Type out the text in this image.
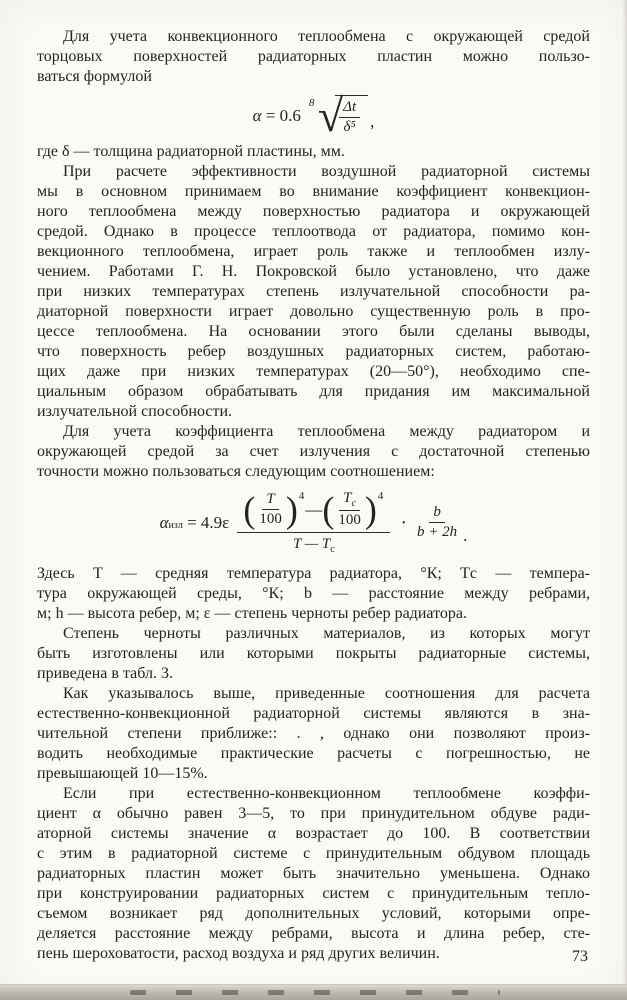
Для учета конвекционного теплообмена с окружающей средой
торцовых поверхностей радиаторных пластин можно пользо-
ваться формулой
α
= 0.6
8 √
$\frac{\Delta t}{\text{δ⁵}}$ ,
где δ — толщина радиаторной пластины, мм.
При расчете эффективности воздушной радиаторной системы
мы в основном принимаем во внимание коэффициент конвекцион-
ного теплообмена между поверхностью радиатора и окружающей
средой. Однако в процессе теплоотвода от радиатора, помимо кон-
векционного теплообмена, играет роль также и теплообмен излу-
чением. Работами Г. Н. Покровской было установлено, что даже
при низких температурах степень излучательной способности ра-
диаторной поверхности играет довольно существенную роль в про-
цессе теплообмена. На основании этого были сделаны выводы,
что поверхность ребер воздушных радиаторных систем, работаю-
щих даже при низких температурах (20—50°), необходимо спе-
циальным образом обрабатывать для придания им максимальной
излучательной способности.
Для учета коэффициента теплообмена между радиатором и
окружающей средой за счет излучения с достаточной степенью
точности можно пользоваться следующим соотношением:
$\alpha_{изл}$
= 4.9ε ( $\frac{T}{100}$ ) 4
— ( $\frac{T_c}{100}$ ) 4
T — $T_c$
· $\frac{b}{b + 2h}$ .
Здесь T — средняя температура радиатора, °К; Tс — темпера-
тура окружающей среды, °К; b — расстояние между ребрами,
м; h — высота ребер, м; ε — степень черноты ребер радиатора.
Степень черноты различных материалов, из которых могут
быть изготовлены или которыми покрыты радиаторные системы,
приведена в табл. 3.
Как указывалось выше, приведенные соотношения для расчета
естественно-конвекционной радиаторной системы являются в зна-
чительной степени приближе:: . , однако они позволяют произ-
водить необходимые практические расчеты с погрешностью, не
превышающей 10—15%.
Если при естественно-конвекционном теплообмене коэффи-
циент α обычно равен 3—5, то при принудительном обдуве ради-
аторной системы значение α возрастает до 100. В соответствии
с этим в радиаторной системе с принудительным обдувом площадь
радиаторных пластин может быть значительно уменьшена. Однако
при конструировании радиаторных систем с принудительным тепло-
съемом возникает ряд дополнительных условий, которыми опре-
деляется расстояние между ребрами, высота и длина ребер, сте-
пень шероховатости, расход воздуха и ряд других величин.	73
